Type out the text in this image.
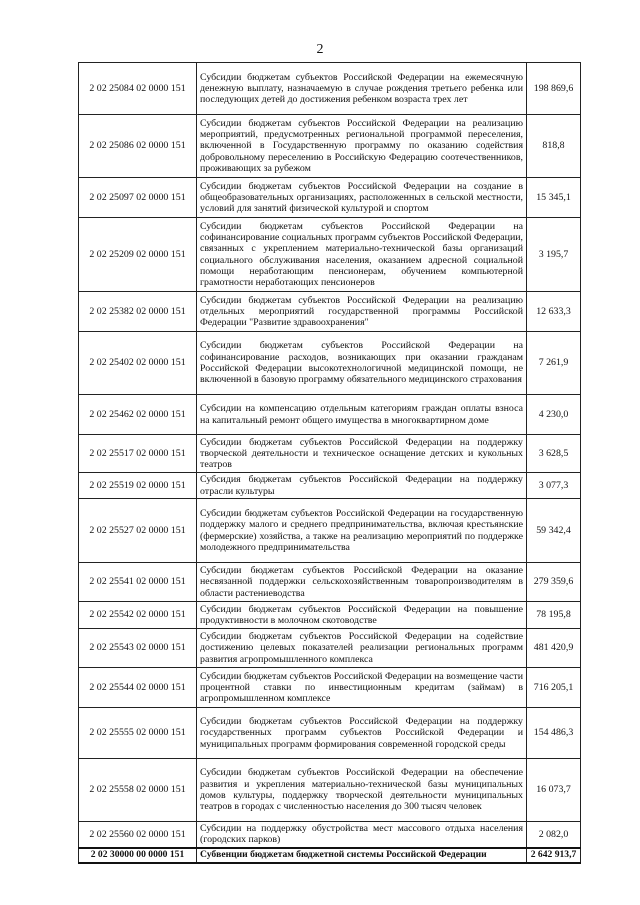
2
2 02 25084 02 0000 151	Субсидии бюджетам субъектов Российской Федерации на ежемесячную денежную выплату, назначаемую в случае рождения третьего ребенка или последующих детей до достижения ребенком возраста трех лет	198 869,6
2 02 25086 02 0000 151	Субсидии бюджетам субъектов Российской Федерации на реализацию мероприятий, предусмотренных региональной программой переселения, включенной в Государственную программу по оказанию содействия добровольному переселению в Российскую Федерацию соотечественников, проживающих за рубежом	818,8
2 02 25097 02 0000 151	Субсидии бюджетам субъектов Российской Федерации на создание в общеобразовательных организациях, расположенных в сельской местности, условий для занятий физической культурой и спортом	15 345,1
2 02 25209 02 0000 151	Субсидии бюджетам субъектов Российской Федерации на софинансирование социальных программ субъектов Российской Федерации, связанных с укреплением материально-технической базы организаций социального обслуживания населения, оказанием адресной социальной помощи неработающим пенсионерам, обучением компьютерной грамотности неработающих пенсионеров	3 195,7
2 02 25382 02 0000 151	Субсидии бюджетам субъектов Российской Федерации на реализацию отдельных мероприятий государственной программы Российской Федерации "Развитие здравоохранения"	12 633,3
2 02 25402 02 0000 151	Субсидии бюджетам субъектов Российской Федерации на софинансирование расходов, возникающих при оказании гражданам Российской Федерации высокотехнологичной медицинской помощи, не включенной в базовую программу обязательного медицинского страхования	7 261,9
2 02 25462 02 0000 151	Субсидии на компенсацию отдельным категориям граждан оплаты взноса на капитальный ремонт общего имущества в многоквартирном доме	4 230,0
2 02 25517 02 0000 151	Субсидии бюджетам субъектов Российской Федерации на поддержку творческой деятельности и техническое оснащение детских и кукольных театров	3 628,5
2 02 25519 02 0000 151	Субсидия бюджетам субъектов Российской Федерации на поддержку отрасли культуры	3 077,3
2 02 25527 02 0000 151	Субсидии бюджетам субъектов Российской Федерации на государственную поддержку малого и среднего предпринимательства, включая крестьянские (фермерские) хозяйства, а также на реализацию мероприятий по поддержке молодежного предпринимательства	59 342,4
2 02 25541 02 0000 151	Субсидии бюджетам субъектов Российской Федерации на оказание несвязанной поддержки сельскохозяйственным товаропроизводителям в области растениеводства	279 359,6
2 02 25542 02 0000 151	Субсидии бюджетам субъектов Российской Федерации на повышение продуктивности в молочном скотоводстве	78 195,8
2 02 25543 02 0000 151	Субсидии бюджетам субъектов Российской Федерации на содействие достижению целевых показателей реализации региональных программ развития агропромышленного комплекса	481 420,9
2 02 25544 02 0000 151	Субсидии бюджетам субъектов Российской Федерации на возмещение части процентной ставки по инвестиционным кредитам (займам) в агропромышленном комплексе	716 205,1
2 02 25555 02 0000 151	Субсидии бюджетам субъектов Российской Федерации на поддержку государственных программ субъектов Российской Федерации и муниципальных программ формирования современной городской среды	154 486,3
2 02 25558 02 0000 151	Субсидии бюджетам субъектов Российской Федерации на обеспечение развития и укрепления материально-технической базы муниципальных домов культуры, поддержку творческой деятельности муниципальных театров в городах с численностью населения до 300 тысяч человек	16 073,7
2 02 25560 02 0000 151	Субсидии на поддержку обустройства мест массового отдыха населения (городских парков)	2 082,0
2 02 30000 00 0000 151	Субвенции бюджетам бюджетной системы Российской Федерации	2 642 913,7
